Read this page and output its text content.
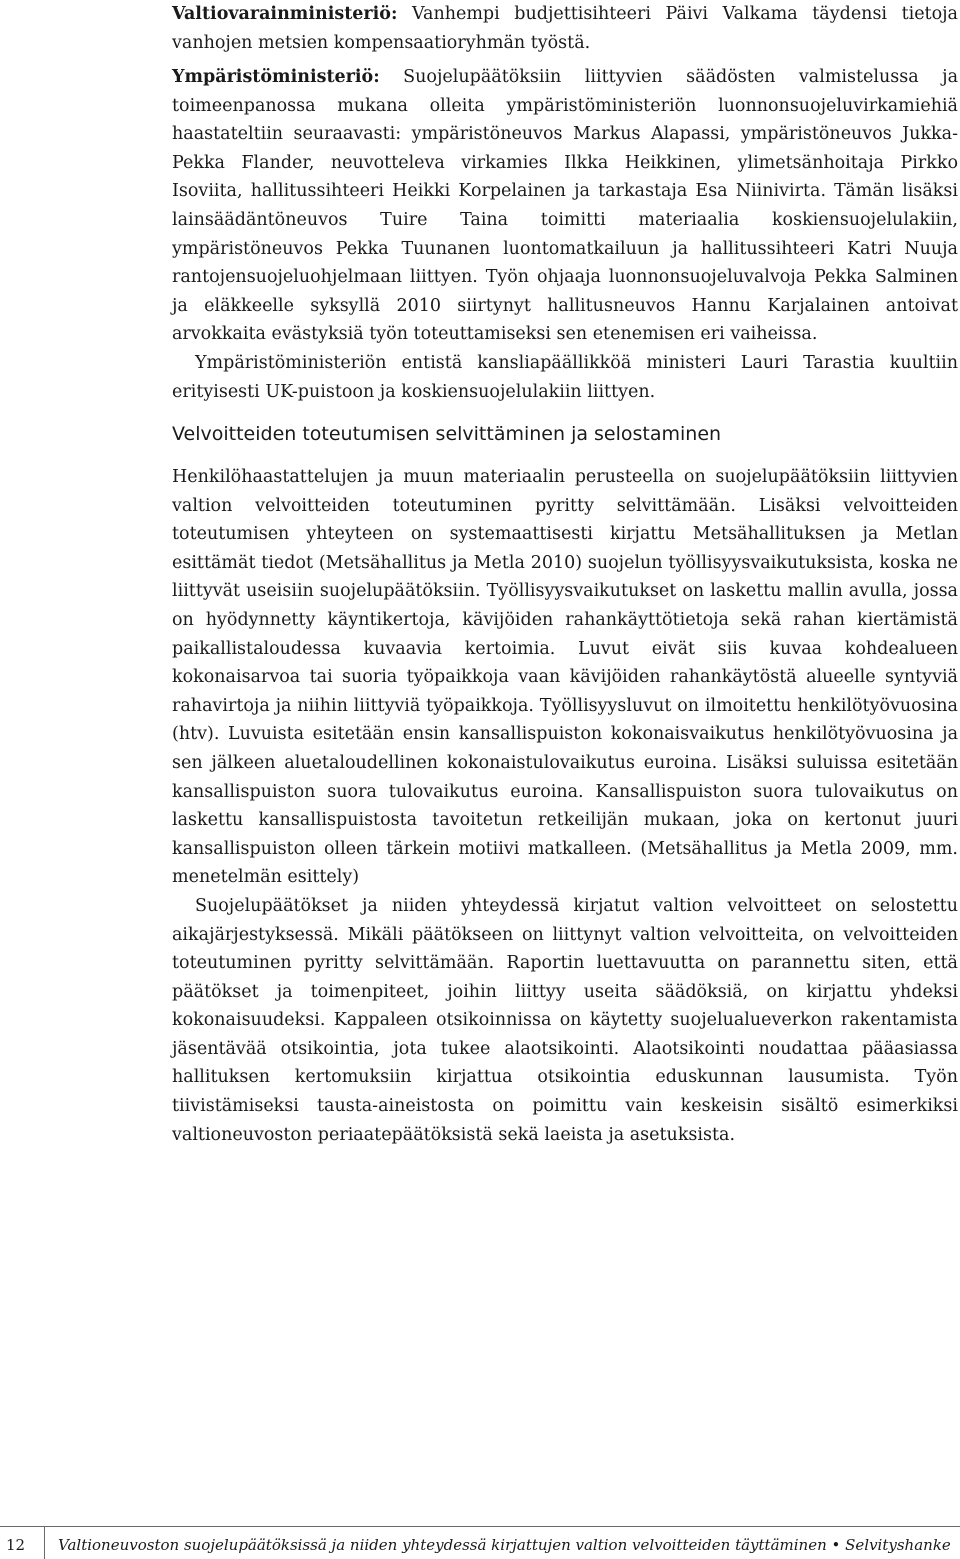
Valtiovarainministeriö: Vanhempi budjettisihteeri Päivi Valkama täydensi tietoja vanhojen metsien kompensaatioryhmän työstä.

Ympäristöministeriö: Suojelupäätöksiin liittyvien säädösten valmistelussa ja toimeenpanossa mukana olleita ympäristöministeriön luonnonsuojeluvirkamiehiä haastateltiin seuraavasti: ympäristöneuvos Markus Alapassi, ympäristöneuvos Jukka-Pekka Flander, neuvotteleva virkamies Ilkka Heikkinen, ylimetsänhoitaja Pirkko Isoviita, hallitussihteeri Heikki Korpelainen ja tarkastaja Esa Niinivirta. Tämän lisäksi lainsäädäntöneuvos Tuire Taina toimitti materiaalia koskiensuojelulakiin, ympäristöneuvos Pekka Tuunanen luontomatkailuun ja hallitussihteeri Katri Nuuja rantojensuojeluohjelmaan liittyen. Työn ohjaaja luonnonsuojeluvalvoja Pekka Salminen ja eläkkeelle syksyllä 2010 siirtynyt hallitusneuvos Hannu Karjalainen antoivat arvokkaita evästyksiä työn toteuttamiseksi sen etenemisen eri vaiheissa.

Ympäristöministeriön entistä kansliapäällikköä ministeri Lauri Tarastia kuultiin erityisesti UK-puistoon ja koskiensuojelulakiin liittyen.

Velvoitteiden toteutumisen selvittäminen ja selostaminen

Henkilöhaastattelujen ja muun materiaalin perusteella on suojelupäätöksiin liittyvien valtion velvoitteiden toteutuminen pyritty selvittämään. Lisäksi velvoitteiden toteutumisen yhteyteen on systemaattisesti kirjattu Metsähallituksen ja Metlan esittämät tiedot (Metsähallitus ja Metla 2010) suojelun työllisyysvaikutuksista, koska ne liittyvät useisiin suojelupäätöksiin. Työllisyysvaikutukset on laskettu mallin avulla, jossa on hyödynnetty käyntikertoja, kävijöiden rahankäyttötietoja sekä rahan kiertämistä paikallistaloudessa kuvaavia kertoimia. Luvut eivät siis kuvaa kohdealueen kokonaisarvoa tai suoria työpaikkoja vaan kävijöiden rahankäytöstä alueelle syntyviä rahavirtoja ja niihin liittyviä työpaikkoja. Työllisyysluvut on ilmoitettu henkilötyövuosina (htv). Luvuista esitetään ensin kansallispuiston kokonaisvaikutus henkilötyövuosina ja sen jälkeen aluetaloudellinen kokonaistulovaikutus euroina. Lisäksi suluissa esitetään kansallispuiston suora tulovaikutus euroina. Kansallispuiston suora tulovaikutus on laskettu kansallispuistosta tavoitetun retkeilijän mukaan, joka on kertonut juuri kansallispuiston olleen tärkein motiivi matkalleen. (Metsähallitus ja Metla 2009, mm. menetelmän esittely)

Suojelupäätökset ja niiden yhteydessä kirjatut valtion velvoitteet on selostettu aikajärjestyksessä. Mikäli päätökseen on liittynyt valtion velvoitteita, on velvoitteiden toteutuminen pyritty selvittämään. Raportin luettavuutta on parannettu siten, että päätökset ja toimenpiteet, joihin liittyy useita säädöksiä, on kirjattu yhdeksi kokonaisuudeksi. Kappaleen otsikoinnissa on käytetty suojelualueverkon rakentamista jäsentävää otsikointia, jota tukee alaotsikointi. Alaotsikointi noudattaa pääasiassa hallituksen kertomuksiin kirjattua otsikointia eduskunnan lausumista. Työn tiivistämiseksi tausta-aineistosta on poimittu vain keskeisin sisältö esimerkiksi valtioneuvoston periaatepäätöksistä sekä laeista ja asetuksista.

12 Valtioneuvoston suojelupäätöksissä ja niiden yhteydessä kirjattujen valtion velvoitteiden täyttäminen • Selvityshanke
